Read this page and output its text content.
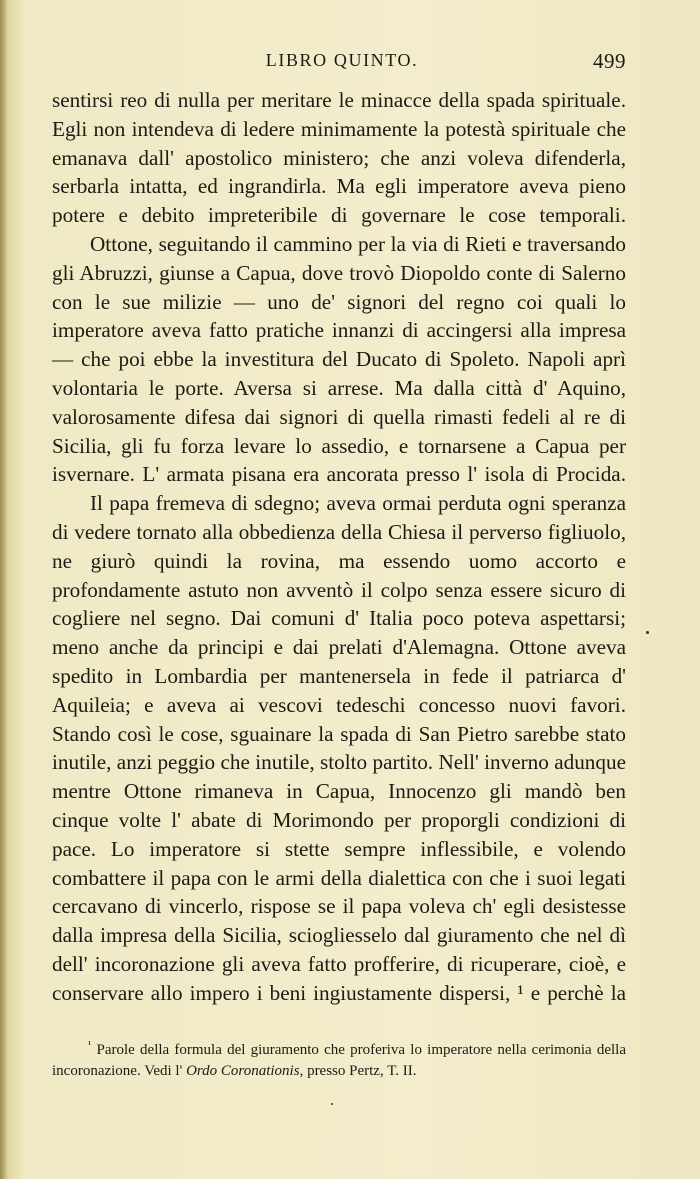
LIBRO QUINTO.	499

sentirsi reo di nulla per meritare le minacce della spada spirituale. Egli non intendeva di ledere minimamente la potestà spirituale che emanava dall' apostolico ministero; che anzi voleva difenderla, serbarla intatta, ed ingrandirla. Ma egli imperatore aveva pieno potere e debito impreteribile di governare le cose temporali.

Ottone, seguitando il cammino per la via di Rieti e traversando gli Abruzzi, giunse a Capua, dove trovò Diopoldo conte di Salerno con le sue milizie — uno de' signori del regno coi quali lo imperatore aveva fatto pratiche innanzi di accingersi alla impresa — che poi ebbe la investitura del Ducato di Spoleto. Napoli aprì volontaria le porte. Aversa si arrese. Ma dalla città d' Aquino, valorosamente difesa dai signori di quella rimasti fedeli al re di Sicilia, gli fu forza levare lo assedio, e tornarsene a Capua per isvernare. L' armata pisana era ancorata presso l' isola di Procida.

Il papa fremeva di sdegno; aveva ormai perduta ogni speranza di vedere tornato alla obbedienza della Chiesa il perverso figliuolo, ne giurò quindi la rovina, ma essendo uomo accorto e profondamente astuto non avventò il colpo senza essere sicuro di cogliere nel segno. Dai comuni d' Italia poco poteva aspettarsi; meno anche da principi e dai prelati d'Alemagna. Ottone aveva spedito in Lombardia per mantenersela in fede il patriarca d' Aquileia; e aveva ai vescovi tedeschi concesso nuovi favori. Stando così le cose, sguainare la spada di San Pietro sarebbe stato inutile, anzi peggio che inutile, stolto partito. Nell' inverno adunque mentre Ottone rimaneva in Capua, Innocenzo gli mandò ben cinque volte l' abate di Morimondo per proporgli condizioni di pace. Lo imperatore si stette sempre inflessibile, e volendo combattere il papa con le armi della dialettica con che i suoi legati cercavano di vincerlo, rispose se il papa voleva ch' egli desistesse dalla impresa della Sicilia, sciogliesselo dal giuramento che nel dì dell' incoronazione gli aveva fatto profferire, di ricuperare, cioè, e conservare allo impero i beni ingiustamente dispersi, ¹ e perchè la

$^{^1}$ Parole della formula del giuramento che proferiva lo imperatore nella cerimonia della incoronazione. Vedi l' Ordo Coronationis, presso Pertz, T. II.
